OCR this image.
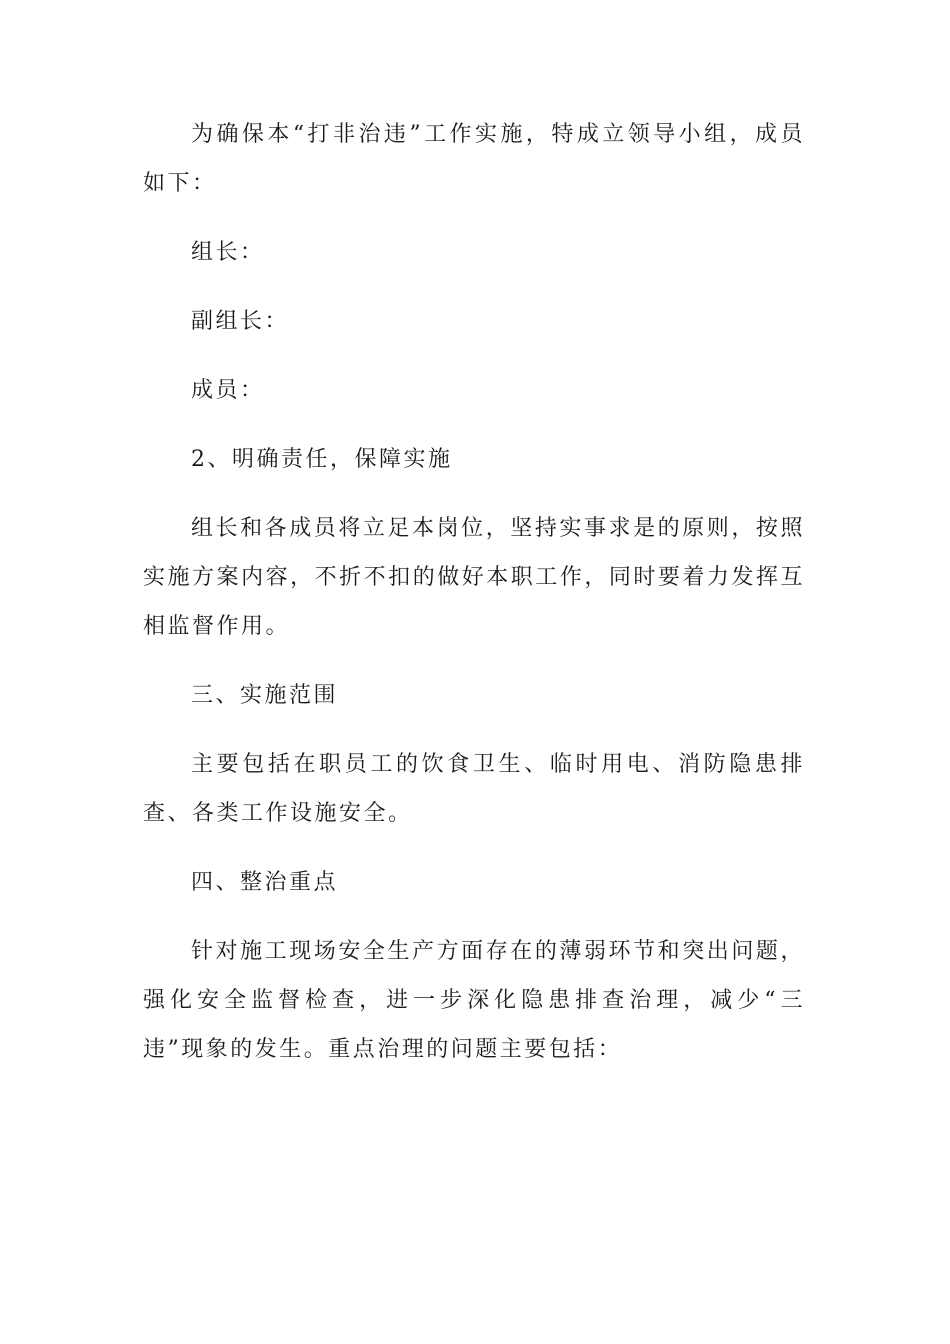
为确保本“打非治违”工作实施，特成立领导小组，成员如下：

组长：

副组长：

成员：

2、明确责任，保障实施

组长和各成员将立足本岗位，坚持实事求是的原则，按照实施方案内容，不折不扣的做好本职工作，同时要着力发挥互相监督作用。

三、实施范围

主要包括在职员工的饮食卫生、临时用电、消防隐患排查、各类工作设施安全。

四、整治重点

针对施工现场安全生产方面存在的薄弱环节和突出问题，强化安全监督检查，进一步深化隐患排查治理，减少“三违”现象的发生。重点治理的问题主要包括：
